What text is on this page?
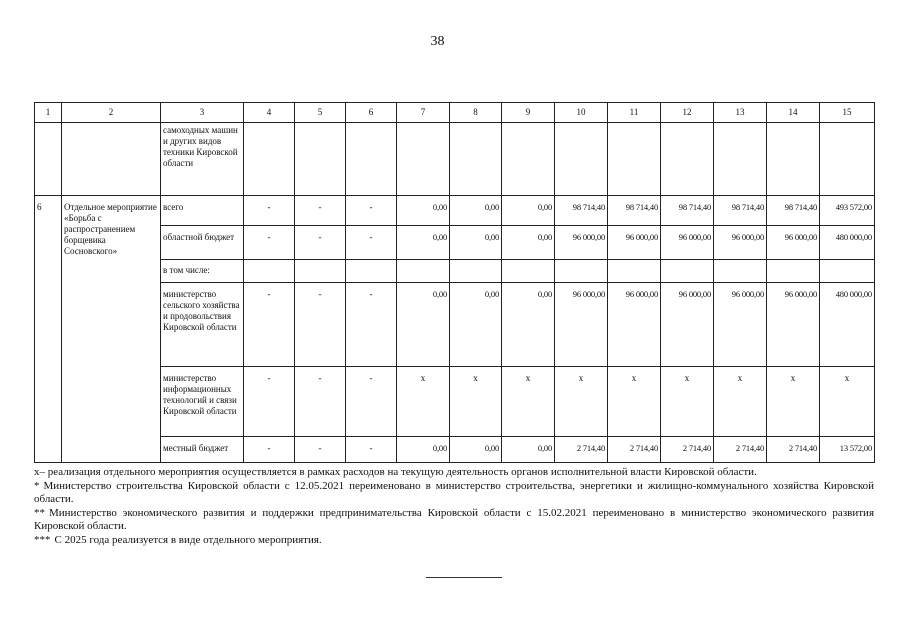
38
1	2	3	4	5	6	7	8	9	10	11	12	13	14	15
		самоходных машин и других видов техники Кировской области												
6	Отдельное мероприятие «Борьба с распространением борщевика Сосновского»	всего	-	-	-	0,00	0,00	0,00	98 714,40	98 714,40	98 714,40	98 714,40	98 714,40	493 572,00
		областной бюджет	-	-	-	0,00	0,00	0,00	96 000,00	96 000,00	96 000,00	96 000,00	96 000,00	480 000,00
		в том числе:												
		министерство сельского хозяйства и продовольствия Кировской области	-	-	-	0,00	0,00	0,00	96 000,00	96 000,00	96 000,00	96 000,00	96 000,00	480 000,00
		министерство информационных технологий и связи Кировской области	-	-	-	x	x	x	x	x	x	x	x	x
		местный бюджет	-	-	-	0,00	0,00	0,00	2 714,40	2 714,40	2 714,40	2 714,40	2 714,40	13 572,00

х– реализация отдельного мероприятия осуществляется в рамках расходов на текущую деятельность органов исполнительной власти Кировской области.

* Министерство строительства Кировской области с 12.05.2021 переименовано в министерство строительства, энергетики и жилищно-коммунального хозяйства Кировской области.

** Министерство экономического развития и поддержки предпринимательства Кировской области с 15.02.2021 переименовано в министерство экономического развития Кировской области.

*** С 2025 года реализуется в виде отдельного мероприятия.
